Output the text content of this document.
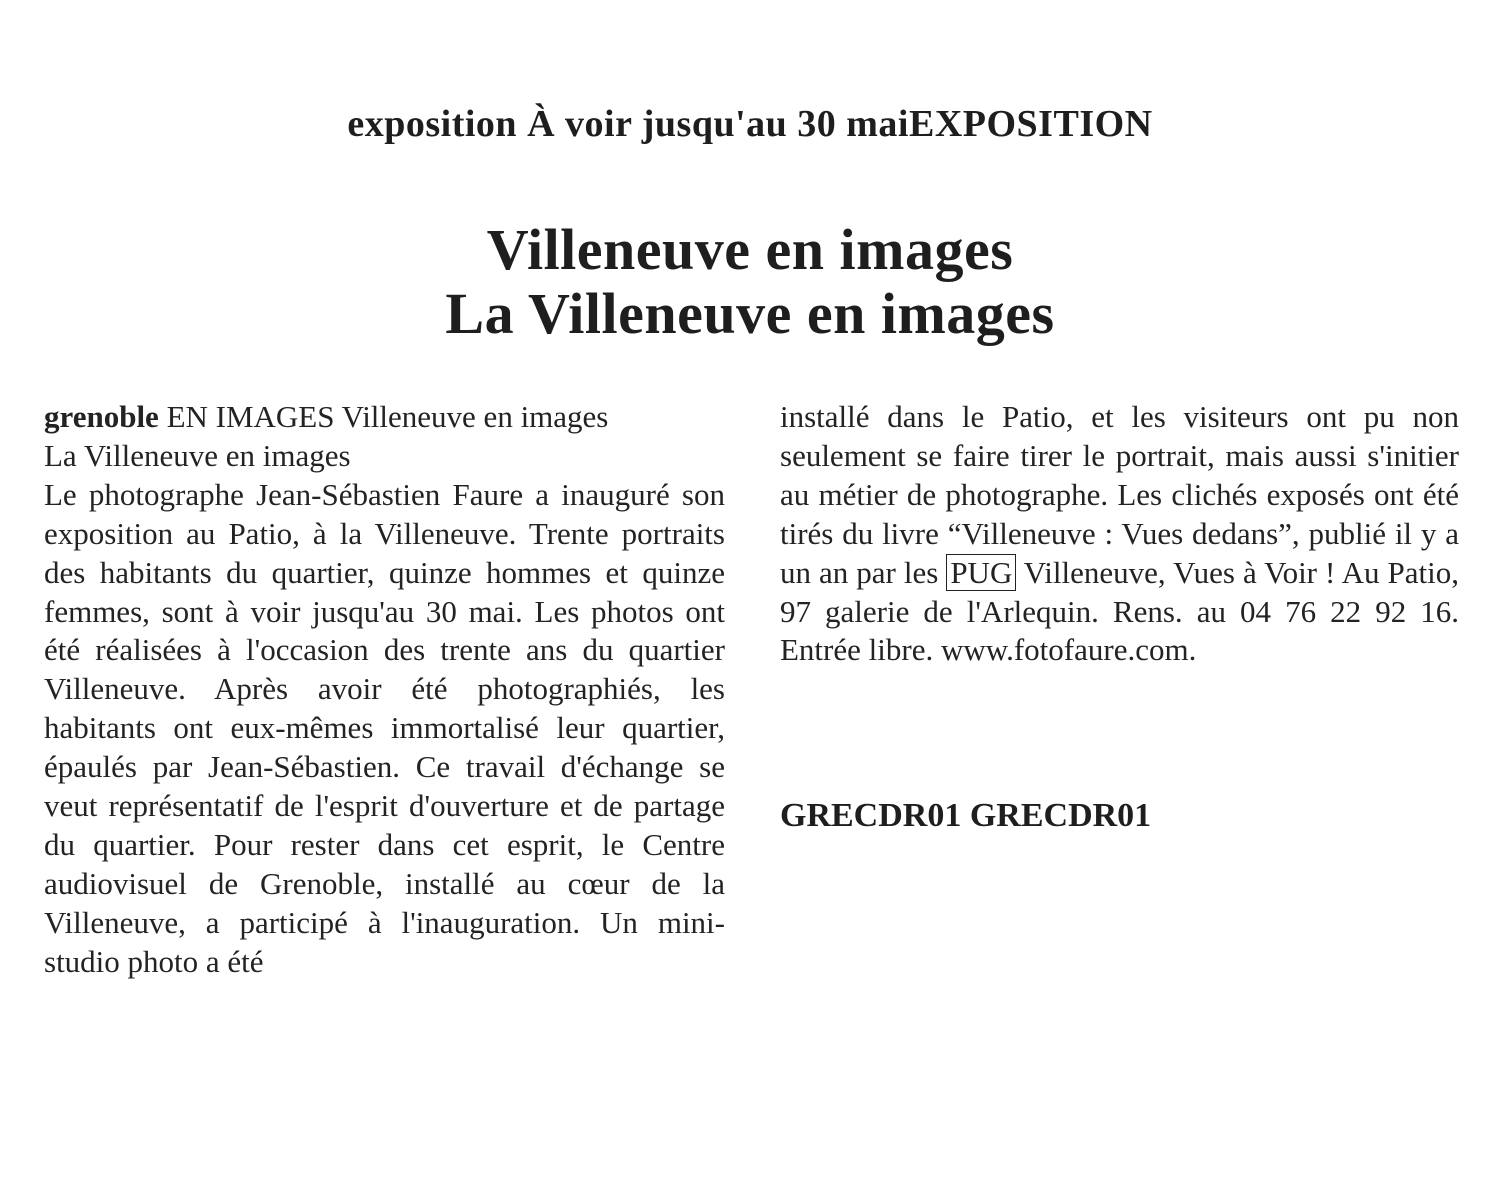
exposition À voir jusqu'au 30 maiEXPOSITION
Villeneuve en images
La Villeneuve en images

grenoble EN IMAGES Villeneuve en images

La Villeneuve en images

Le photographe Jean-Sébastien Faure a inauguré son exposition au Patio, à la Villeneuve. Trente portraits des habitants du quartier, quinze hommes et quinze femmes, sont à voir jusqu'au 30 mai. Les photos ont été réalisées à l'occasion des trente ans du quartier Villeneuve. Après avoir été photographiés, les habitants ont eux-mêmes immortalisé leur quartier, épaulés par Jean-Sébastien. Ce travail d'échange se veut représentatif de l'esprit d'ouverture et de partage du quartier. Pour rester dans cet esprit, le Centre audiovisuel de Grenoble, installé au cœur de la Villeneuve, a participé à l'inauguration. Un mini-studio photo a été

installé dans le Patio, et les visiteurs ont pu non seulement se faire tirer le portrait, mais aussi s'initier au métier de photographe. Les clichés exposés ont été tirés du livre “Villeneuve : Vues dedans”, publié il y a un an par les PUG Villeneuve, Vues à Voir ! Au Patio, 97 galerie de l'Arlequin. Rens. au 04 76 22 92 16. Entrée libre. www.fotofaure.com.

GRECDR01 GRECDR01
